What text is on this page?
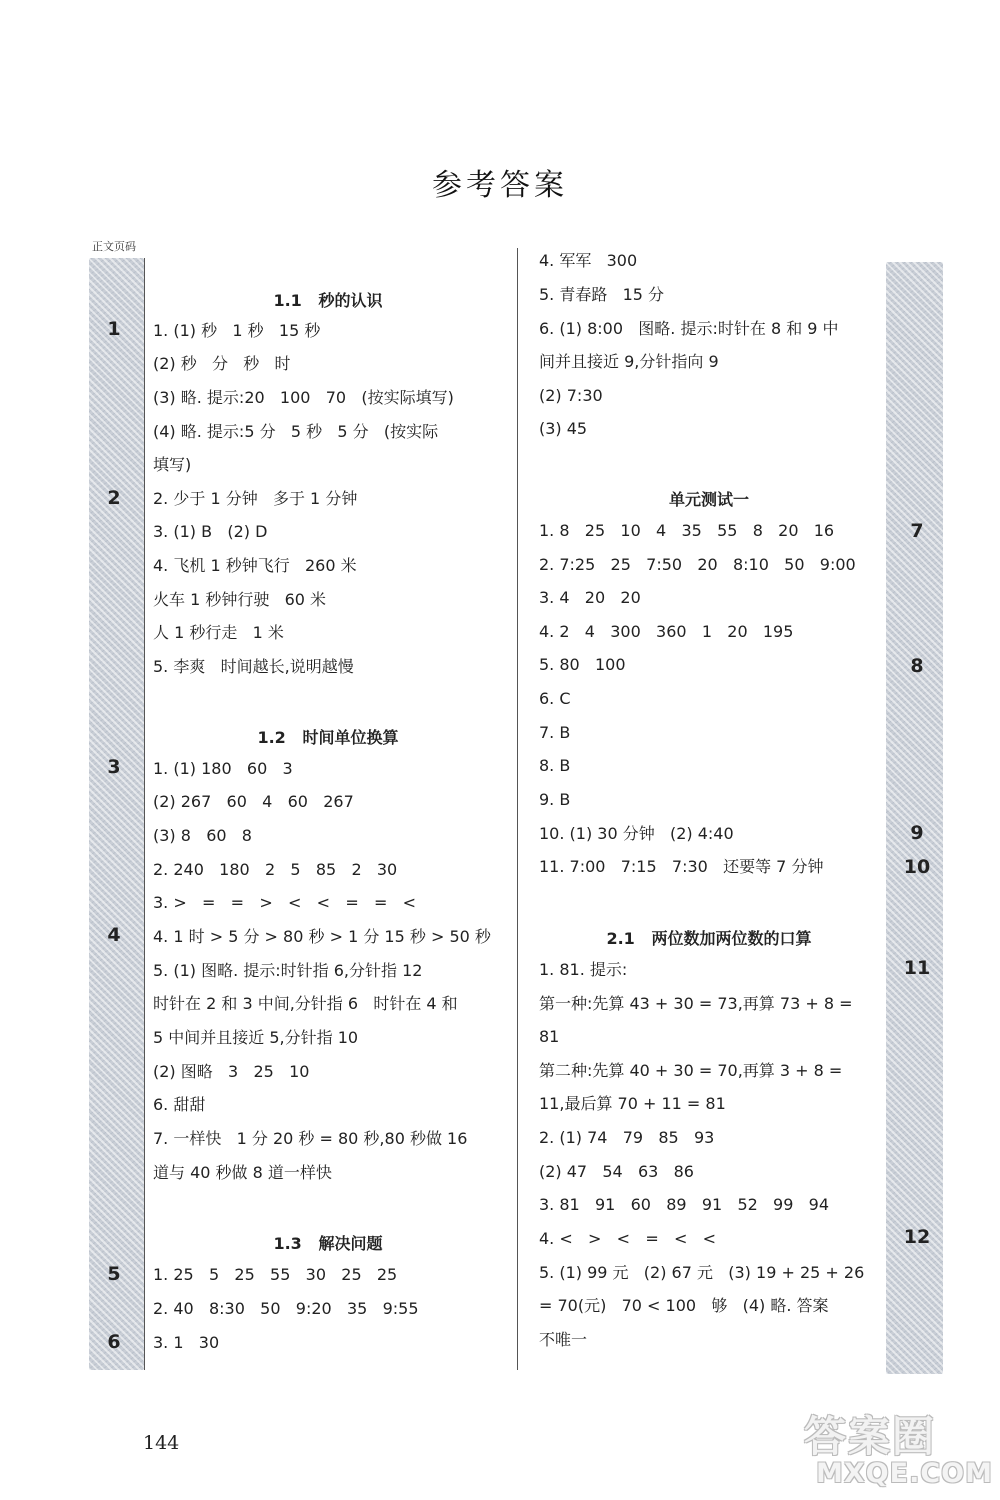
参考答案
正文页码
1
2
3
4
5
6
7
8
9
10
11
12
1.1   秒的认识
1. (1) 秒   1 秒   15 秒
(2) 秒   分   秒   时
(3) 略. 提示:20   100   70   (按实际填写)
(4) 略. 提示:5 分   5 秒   5 分   (按实际
填写)
2. 少于 1 分钟   多于 1 分钟
3. (1) B   (2) D
4. 飞机 1 秒钟飞行   260 米
火车 1 秒钟行驶   60 米
人 1 秒行走   1 米
5. 李爽   时间越长,说明越慢
1.2   时间单位换算
1. (1) 180   60   3
(2) 267   60   4   60   267
(3) 8   60   8
2. 240   180   2   5   85   2   30
3. >   =   =   >   <   <   =   =   <
4. 1 时 > 5 分 > 80 秒 > 1 分 15 秒 > 50 秒
5. (1) 图略. 提示:时针指 6,分针指 12
时针在 2 和 3 中间,分针指 6   时针在 4 和
5 中间并且接近 5,分针指 10
(2) 图略   3   25   10
6. 甜甜
7. 一样快   1 分 20 秒 = 80 秒,80 秒做 16
道与 40 秒做 8 道一样快
1.3   解决问题
1. 25   5   25   55   30   25   25
2. 40   8:30   50   9:20   35   9:55
3. 1   30
4. 军军   300
5. 青春路   15 分
6. (1) 8:00   图略. 提示:时针在 8 和 9 中
间并且接近 9,分针指向 9
(2) 7:30
(3) 45
单元测试一
1. 8   25   10   4   35   55   8   20   16
2. 7:25   25   7:50   20   8:10   50   9:00
3. 4   20   20
4. 2   4   300   360   1   20   195
5. 80   100
6. C
7. B
8. B
9. B
10. (1) 30 分钟   (2) 4:40
11. 7:00   7:15   7:30   还要等 7 分钟
2.1   两位数加两位数的口算
1. 81. 提示:
第一种:先算 43 + 30 = 73,再算 73 + 8 =
81
第二种:先算 40 + 30 = 70,再算 3 + 8 =
11,最后算 70 + 11 = 81
2. (1) 74   79   85   93
(2) 47   54   63   86
3. 81   91   60   89   91   52   99   94
4. <   >   <   =   <   <
5. (1) 99 元   (2) 67 元   (3) 19 + 25 + 26
= 70(元)   70 < 100   够   (4) 略. 答案
不唯一
144	答案圈
MXQE.COM
